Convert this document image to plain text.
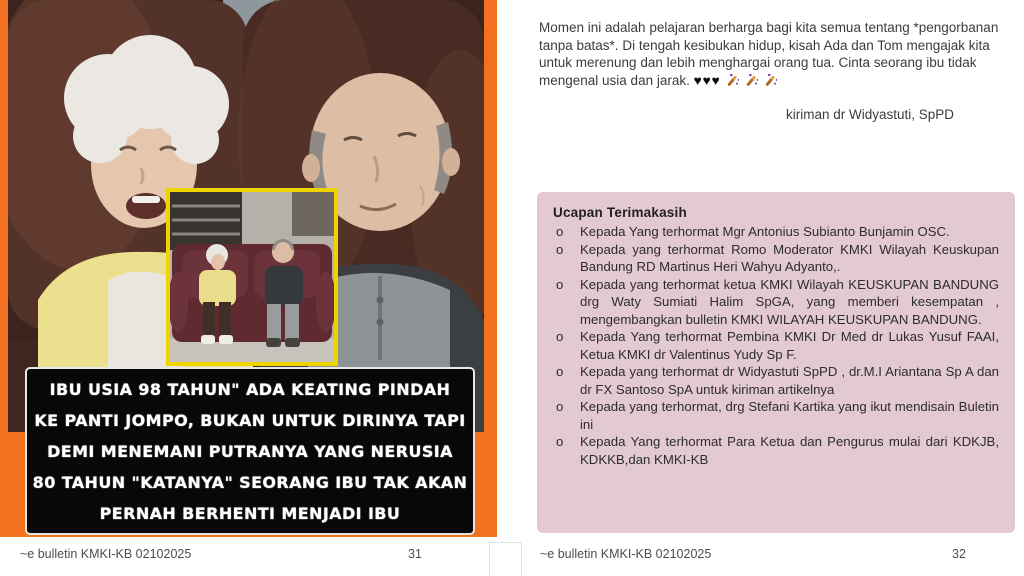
IBU USIA 98 TAHUN" ADA KEATING PINDAH
KE PANTI JOMPO, BUKAN UNTUK DIRINYA TAPI
DEMI MENEMANI PUTRANYA YANG NERUSIA
80 TAHUN "KATANYA" SEORANG IBU TAK AKAN
PERNAH BERHENTI MENJADI IBU
~e bulletin KMKI-KB 02102025	31

Momen ini adalah pelajaran berharga bagi kita semua tentang *pengorbanan tanpa batas*. Di tengah kesibukan hidup, kisah Ada dan Tom mengajak kita untuk merenung dan lebih menghargai orang tua. Cinta seorang ibu tidak mengenal usia dan jarak. ♥♥♥

kiriman dr Widyastuti, SpPD
Ucapan Terimakasih
o	Kepada Yang terhormat Mgr Antonius Subianto Bunjamin OSC.
o	Kepada yang terhormat Romo Moderator KMKI Wilayah Keuskupan Bandung RD Martinus Heri Wahyu Adyanto,.
o	Kepada yang terhormat ketua KMKI Wilayah KEUSKUPAN BANDUNG drg Waty Sumiati Halim SpGA, yang memberi kesempatan , mengembangkan bulletin KMKI WILAYAH KEUSKUPAN BANDUNG.
o	Kepada Yang terhormat Pembina KMKI Dr Med dr Lukas Yusuf FAAI, Ketua KMKI dr Valentinus Yudy Sp F.
o	Kepada yang terhormat dr Widyastuti SpPD , dr.M.I Ariantana Sp A dan dr FX Santoso SpA untuk kiriman artikelnya
o	Kepada yang terhormat, drg Stefani Kartika yang ikut mendisain Buletin ini
o	Kepada Yang terhormat Para Ketua dan Pengurus mulai dari KDKJB, KDKKB,dan KMKI-KB
~e bulletin KMKI-KB 02102025	32
